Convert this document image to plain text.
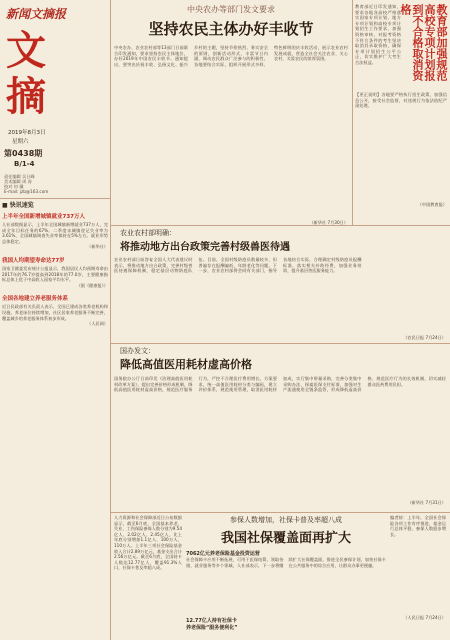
新闻文摘报
文摘
2019年8月3日
星期六
第0438期
B/1-4
责任编辑 吴日峰
美术编辑 周 涛
校对 何 骥
E-mail: jzb@163.com
■ 快讯速览
上半年全国新增城镇就业737万人
人社部数据显示，上半年全国城镇新增就业737万人，完成全年目标任务的67%。二季度末城镇登记失业率为3.61%，全国城镇调查失业率保持在5%左右。就业形势总体稳定。
（新华社）
我国人均期望寿命达77岁
国家卫健委发布统计公报显示，我国居民人均预期寿命由2017年的76.7岁提高到2018年的77.0岁，主要健康指标总体上优于中高收入国家平均水平。
（据《健康报》）
全国各地建立养老服务体系
近日民政部有关负责人表示，全国已建成各类养老机构和设施，养老床位持续增加，社区居家养老服务不断完善，覆盖城乡的养老服务体系初步形成。
（人民网）
中央农办等部门发文要求
坚持农民主体办好丰收节
中央农办、农业农村部等13部门日前联合印发通知，要求坚持农民主体地位，办好2019年中国农民丰收节。通知提出，要突出庆祝丰收、弘扬文化、振兴乡村的主题，坚持节俭热烈、务实安全的原则，创新活动形式，丰富节日内涵，调动农民群众广泛参与的积极性。各地要结合实际，组织开展形式多样、特色鲜明的庆丰收活动，展示农业农村发展成就，营造全社会关注农业、关心农村、关爱农民的浓厚氛围。
（新华社 7月30日）
教育部近日印发通知，要求各地各高校严格落实国家专项计划、地方专项计划和高校专项计划招生工作要求，加强资格审核，对报考资格不符合条件的考生坚决取消其录取资格，确保专项计划招生公平公正，切实维护广大考生合法权益。	教育部加强规范高校专项计划报到不合格取消资格
【更正说明】各地要严格执行招生政策，加强信息公开，接受社会监督，对违规行为依法依纪严肃处理。
（中国教育报）
农业农村部明确：
将推动地方出台政策完善村级兽医待遇
农业农村部日前答复全国人大代表建议时表示，将推动地方出台政策，完善村级兽医待遇保障机制，稳定基层动物防疫队伍。目前，全国村级防疫员数量较多，但普遍存在报酬偏低、年龄老化等问题。下一步，农业农村部将会同有关部门，指导各地结合实际，合理确定村级防疫员报酬标准，落实相关补助经费，加强业务培训，提升基层兽医服务能力。
（农民日报 7月24日）
国办发文：
降低高值医用耗材虚高价格
国务院办公厅日前印发《治理高值医用耗材改革方案》，提出完善价格形成机制，降低高值医用耗材虚高价格，规范医疗服务行为，严控不合理医疗费用增长。方案要求，统一高值医用耗材分类与编码，建立评价体系，规范使用管理，取消医用耗材加成，实行集中带量采购，完善分类集中采购办法，探索医保支付标准，加强对生产流通使用全链条监管，形成降低虚高价格、规范医疗行为的长效机制，切实减轻群众医药费用负担。
（新华社 7月31日）
人力资源和社会保障部近日公布数据显示，截至6月底，全国基本养老、失业、工伤保险参保人数分别为9.54亿人、2.02亿人、2.45亿人，比上年底分别增加1.1亿人、100万人、110万人。上半年三项社会保险基金收入合计2.89万亿元，基金支出合计2.56万亿元。截至6月底，全国持卡人数达12.77亿人，覆盖91.3%人口，社保卡普及率超八成。
参保人数增加，社保卡普及率超八成
我国社保覆盖面再扩大
7062亿元养老保险基金投资运营
社会保障卡应用不断拓展，可用于医保结算、领取待遇、就业服务等多个领域。人社部表示，下一步将继续扩大社保覆盖面，推进全民参保计划，加快社保卡在公共服务中的综合应用，让群众办事更便捷。
12.77亿人持有社保卡
养老保险“服务便利化”
编者按：上半年，全国社会保险各项工作有序推进，基金运行总体平稳，参保人数稳步增长。
（人民日报 7月24日）
